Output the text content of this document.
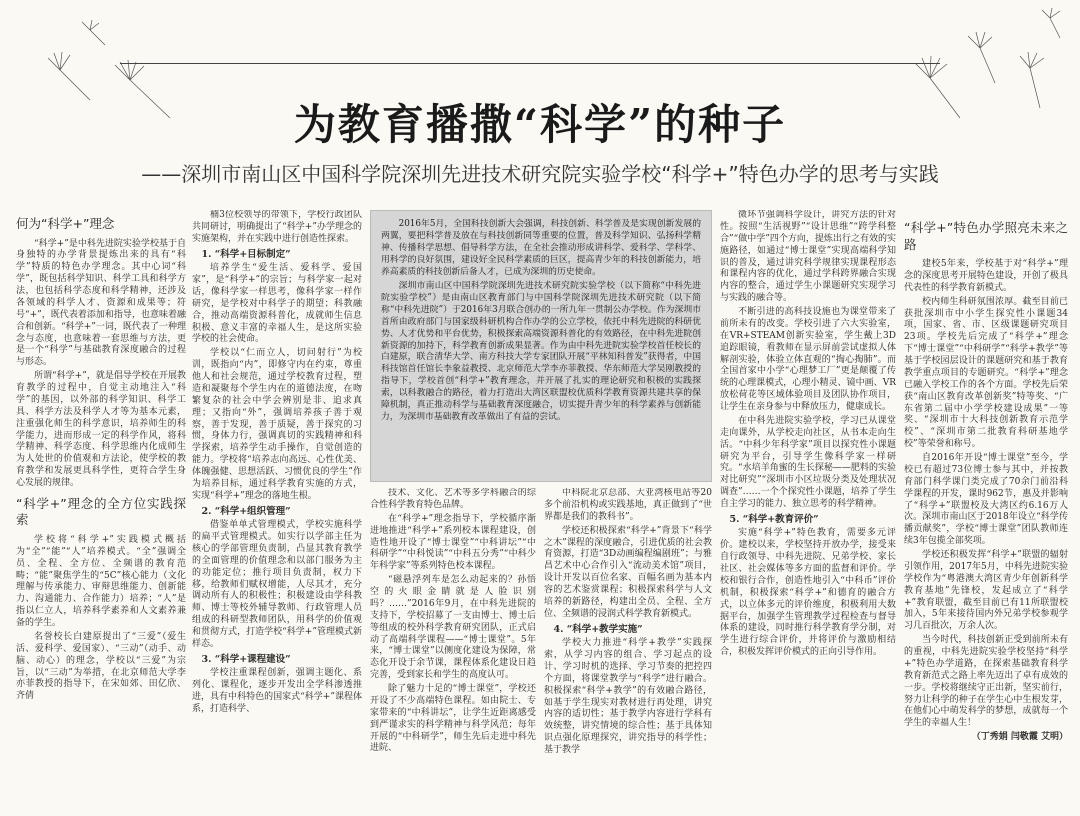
为教育播撒“科学”的种子
——深圳市南山区中国科学院深圳先进技术研究院实验学校“科学+”特色办学的思考与实践
何为“科学+”理念

“科学+”是中科先进院实验学校基于自身独特的办学背景提炼出来的具有“科学”特质的特色办学理念。其中心词“科学”，既包括科学知识、科学工具和科学方法，也包括科学态度和科学精神，还涉及各领域的科学人才、资源和成果等；符号“+”，既代表着添加和指导，也意味着融合和创新。“科学+”一词，既代表了一种理念与态度，也意味着一套思维与方法，更是一个“科学”与基础教育深度融合的过程与形态。

所谓“科学+”，就是倡导学校在开展教育教学的过程中，自觉主动地注入“科学”的基因，以外部的科学知识、科学工具、科学方法及科学人才等为基本元素，注重强化师生的科学意识，培养师生的科学能力，进而形成一定的科学作风，将科学精神、科学态度、科学思维内化成师生为人处世的价值观和方法论，使学校的教育教学和发展更具科学性，更符合学生身心发展的规律。

“科学+”理念的全方位实践探索

学校将“科学+”实践模式概括为“全”“能”“人”培养模式。“全”强调全员、全程、全方位、全频谱的教育范畴；“能”聚焦学生的“5C”核心能力（文化理解与传承能力、审辩思维能力、创新能力、沟通能力、合作能力）培养；“人”是指以仁立人，培养科学素养和人文素养兼备的学生。

名誉校长白建原提出了“三爱”（爱生活、爱科学、爱国家）、“三动”（动手、动脑、动心）的理念，学校以“三爱”为宗旨，以“三动”为举措，在北京师范大学李亦菲教授的指导下，在宋如郊、田亿欣、齐倩

楠3位校领导的带领下，学校行政团队共同研讨，明确提出了“科学+”办学理念的实施架构，并在实践中进行创造性探索。

1. “科学+目标制定”

培养学生“爱生活、爱科学、爱国家”，是“科学+”的宗旨；与科学家一起对话，像科学家一样思考，像科学家一样作研究，是学校对中科学子的期望；科教融合，推动高端资源科普化，成就师生信息积极、意义丰富的幸福人生，是这所实验学校的社会使命。

学校以“仁而立人，切问射行”为校训，既指向“内”，即修守内在约束，尊重他人和社会规范，通过学校教育过程，塑造和凝聚每个学生内在的道德法度，在吻繁复杂的社会中学会辨别是非、追求真理；又指向“外”，强调培养孩子善于观察，善于发现，善于质疑，善于探究的习惯，身体力行，强调真切的实践精神和科学探索，培养学生动手操作，自觉创造的能力。学校将“培养志向高远、心性优美、体魄强健、思想活跃、习惯优良的学生”作为培养目标，通过科学教育实施的方式，实现“科学+”理念的落地生根。

2. “科学+组织管理”

借鉴单单式管理模式，学校实施科学的扁平式管理模式。如实行以学部主任为核心的学部管理负责制，凸显其教育教学的全面管理的价值理念和以部门服务为主的功能定位；推行项目负责制，权力下移，给教师们赋权增能，人尽其才，充分调动所有人的积极性；积极建设由学科教师、博士等校外辅导教师、行政管理人员组成的科研型教师团队，用科学的价值观和贯彻方式，打造学校“科学+”管理模式新样态。

3. “科学+课程建设”

学校注重课程创新，强调主题化、系列化、课程化，逐步开发出全学科渗透推进，具有中科特色的国家式“科学+”课程体系，打造科学、

2016年5月，全国科技创新大会强调，科技创新、科学普及是实现创新发展的两翼，要把科学普及放在与科技创新同等重要的位置，普及科学知识、弘扬科学精神、传播科学思想、倡导科学方法，在全社会推动形成讲科学、爱科学、学科学、用科学的良好氛围，建设好全民科学素质的巨区，提高青少年的科技创新能力，培养高素质的科技创新后备人才，已成为深圳的历史使命。

深圳市南山区中国科学院深圳先进技术研究院实验学校（以下简称“中科先进院实验学校”）是由南山区教育部门与中国科学院深圳先进技术研究院（以下简称“中科先进院”）于2016年3月联合创办的一所九年一贯制公办学校。作为深圳市首所由政府部门与国家级科研机构合作办学的公立学校，依托中科先进院的科研优势、人才优势和平台优势，积极探索高端资源科普化的有效路径，在中科先进院创新资源的加持下，科学教育创新成果显著。作为由中科先进院实验学校首任校长的白建原，联合清华大学、南方科技大学专家团队开展“平林知科普发”获得者，中国科技馆首任馆长李象益教授、北京师范大学李亦菲教授、华东师范大学吴刚教授的指导下，学校首创“科学+”教育理念，并开展了扎实的理论研究和积极的实践探索，以科教融合的路径，着力打造出大湾区联盟校优质科学教育资源共建共享的保障机制，真正推动科学与基础教育深度融合，切实提升青少年的科学素养与创新能力，为深圳市基础教育改革做出了有益的尝试。

技术、文化、艺术等多学科融合的综合性科学教育特色品牌。

在“科学+”理念指导下，学校循序渐进地推进“科学+”系列校本课程建设，创造性地开设了“博士课堂”“中科讲坛”“中科研学”“中科悦读”“中科五分秀”“中科少年科学家”等系列特色校本课程。

“磁悬浮列车是怎么动起来的？孙悟空的火眼金睛就是人脸识别吗？……”2016年9月，在中科先进院的支持下，学校招募了一支由博士、博士后等组成的校外科学教育研究团队，正式启动了高端科学课程——“博士课堂”。5年来，“博士课堂”以侧度化建设为保障，常态化开设于余节课，课程体系化建设日趋完善，受到家长和学生的高度认可。

除了魅力十足的“博士课堂”，学校还开设了不少高端特色课程。如由院士、专家带来的“中科讲坛”，让学生近距离感受到严谨求实的科学精神与科学风范；每年开展的“中科研学”，师生先后走进中科先进院、

中科院北京总部、大亚湾核电站等20多个前沿机构或实践基地，真正做到了“世界都是我们的教科书”。

学校还积极探索“科学+”背景下“科学之木”课程的深度融合，引进优质的社会教育资源，打造“3D动画编程编剧班”；与雅昌艺术中心合作引入“流动美术馆”项目，设计开发以百位名家、百幅名画为基本内容的艺术鉴赏课程；积极探索科学与人文培养的新路径，构建出全员、全程、全方位、全频谱的浸润式科学教育新模式。

4. “科学+教学实施”

学校大力推进“科学+教学”实践探索，从学习内容的组合、学习起点的设计、学习时机的选择、学习节奏的把控四个方面，将课堂教学与“科学”进行融合。积极探索“科学+教学”的有效融合路径，如基于学生现实对教材进行再处理，讲究内容的适切性；基于教学内容进行学科有效统整，讲究情境的综合性；基于具体知识点强化原理探究，讲究指导的科学性；基于教学

微环节强调科学设计，讲究方法的针对性。按照“生活视野”“设计思维”“跨学科整合”“做中学”四个方向，提炼出行之有效的实施路径，如通过“博士课堂”实现高端科学知识的普及，通过讲究科学规律实现课程形态和课程内容的优化，通过学科跨界融合实现内容的整合，通过学生小课题研究实现学习与实践的融合等。

不断引进的高科技设施也为课堂带来了前所未有的改变。学校引进了六大实验室，在VR+STEAM创新实验室，学生戴上3D追踪眼镜，看教师在显示屏前尝试虚拟人体解剖实验，体验立体直观的“掏心掏肺”。而全国首家中小学“心理梦工厂”更是颠覆了传统的心理课模式，心理小精灵、镜中画、VR放松荷花等区域体验项目及团队协作项目，让学生在亲身参与中释放压力，健康成长。

在中科先进院实验学校，学习已从课堂走向课外，从学校走向社区，从书本走向生活。“中科少年科学家”项目以探究性小课题研究为平台，引导学生像科学家一样研究。“水培羊角蜜的生长探秘——肥料的实验对比研究”“深圳市小区垃圾分类及处理状况调查”……一个个探究性小课题，培养了学生自主学习的能力、独立思考的科学精神。

5. “科学+教育评价”

实施“科学+”特色教育，需要多元评价。建校以来，学校坚持开放办学，接受来自行政领导、中科先进院、兄弟学校、家长社区、社会媒体等多方面的监督和评价。学校和银行合作，创造性地引入“中科币”评价机制，积极探索“科学+”和德育的融合方式，以立体多元的评价维度，积极利用大数据平台，加强学生管理教学过程检查与督导体系的建设，同时推行科学教育学分制，对学生进行综合评价，并将评价与激励相结合，积极发挥评价模式的正向引导作用。

“科学+”特色办学照亮未来之路

建校5年来，学校基于对“科学+”理念的深度思考开展特色建设，开创了极具代表性的科学教育新模式。

校内师生科研氛围浓厚。截至目前已获批深圳市中小学生探究性小课题34项，国家、省、市、区级课题研究项目23项。学校先后完成了“科学+”理念下“博士课堂”“中科研学”“科学+教学”等基于学校园层设计的课题研究和基于教育教学重点项目的专题研究。“科学+”理念已融入学校工作的各个方面。学校先后荣获“南山区教育改革创新奖”特等奖、“广东省第二届中小学学校建设成果”一等奖、“深圳市十大科技创新教育示范学校”、“深圳市第二批教育科研基地学校”等荣誉和称号。

自2016年开设“博士课堂”至今，学校已有超过73位博士参与其中，并按教育部门科学课门类完成了70余门前沿科学课程的开发，课时962节，惠及并影响了“科学+”联盟校及大湾区约6.16万人次。深圳市南山区于2018年设立“科学传播贡献奖”，学校“博士课堂”团队教师连续3年包揽全部奖项。

学校还积极发挥“科学+”联盟的辐射引领作用，2017年5月，中科先进院实验学校作为“粤港澳大湾区青少年创新科学教育基地”先锋校，发起成立了“科学+”教育联盟，截至目前已有11所联盟校加入，5年来接待国内外兄弟学校参观学习几百批次，万余人次。

当今时代，科技创新正受到前所未有的重视，中科先进院实验学校坚持“科学+”特色办学道路，在探索基础教育科学教育新范式之路上率先迈出了卓有成效的一步。学校将继续守正出新，坚实前行，努力让科学的种子在学生心中生根发芽，在他们心中萌发科学的梦想，成就每一个学生的幸福人生！

（丁秀娟 闫敬霞 艾明）
